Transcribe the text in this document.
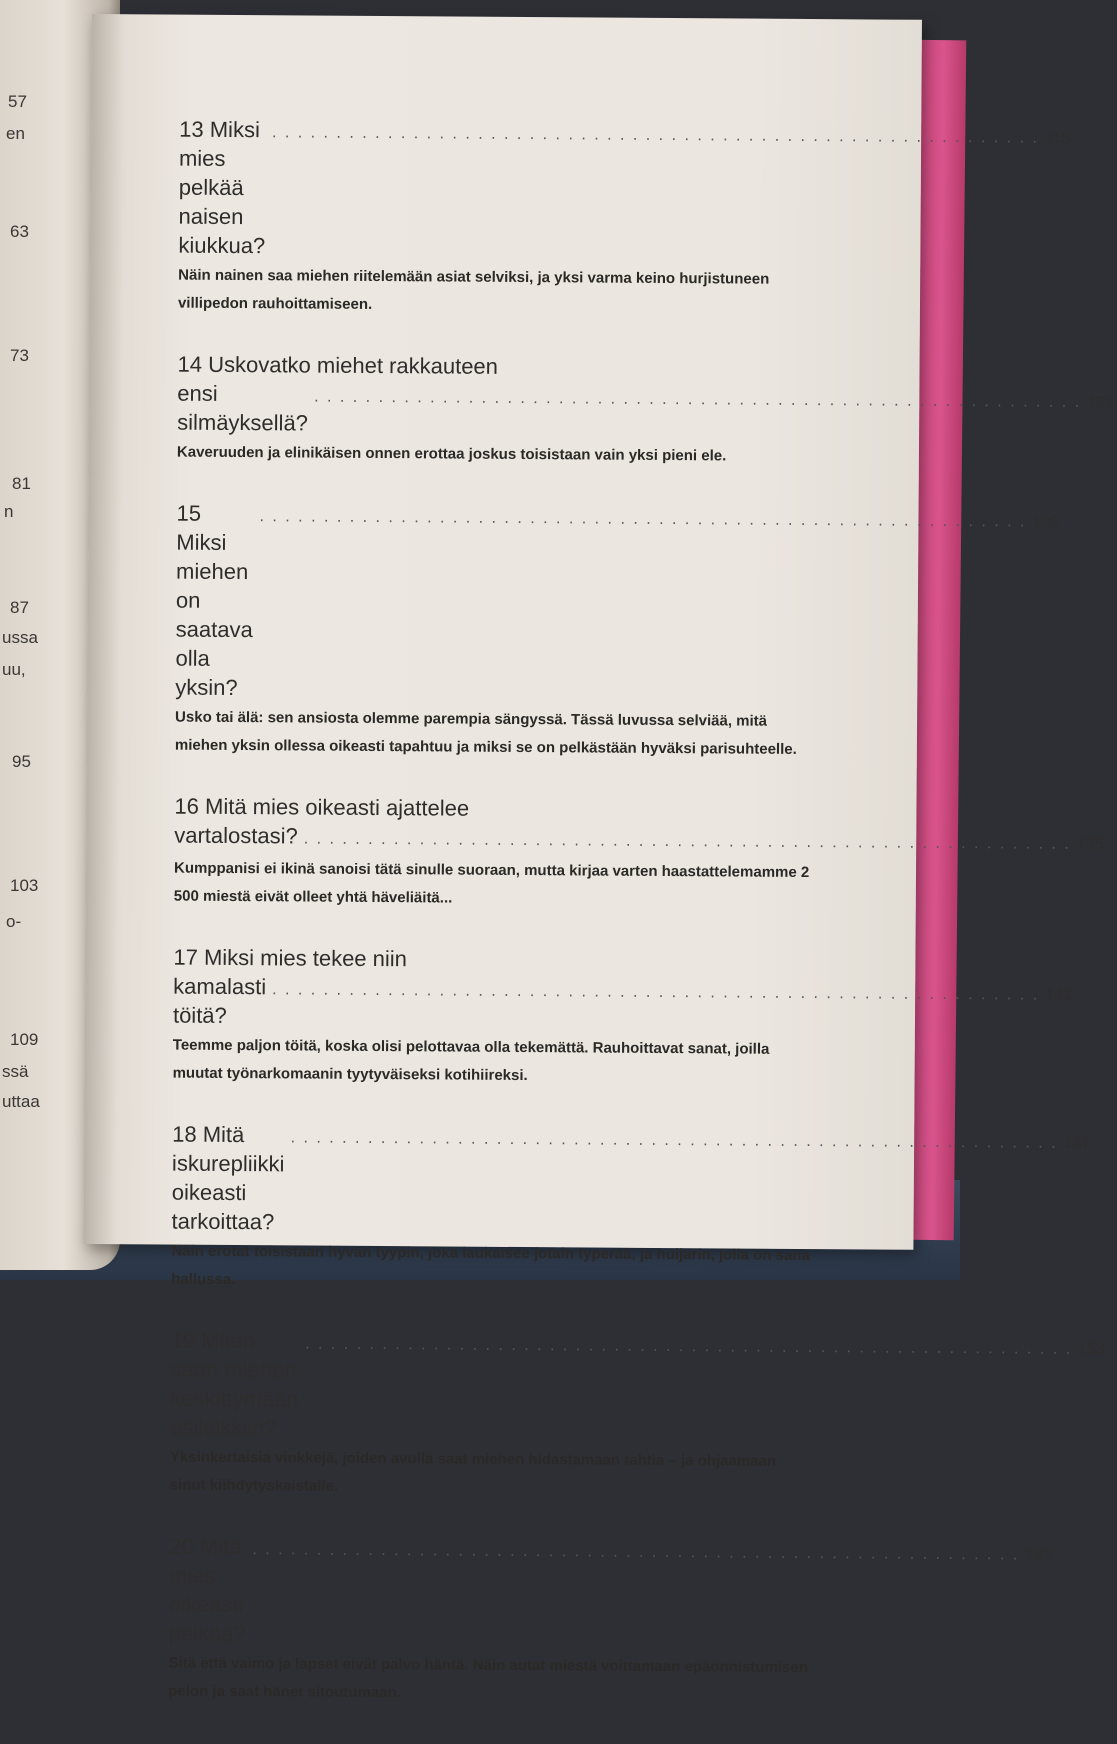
57
en
63
73
81
n
87
ussa
uu,
95
103
o-
109
ssä
uttaa
13 Miksi mies pelkää naisen kiukkua?
. . . . . . . . . . . . . . . . . . . . . . . . . . . . . . . . . . . . . . . . . . . . . . . . . . . . . . . . . . . . 115
Näin nainen saa miehen riitelemään asiat selviksi, ja yksi varma keino hurjistuneen villipedon rauhoittamiseen.
14 Uskovatko miehet rakkauteen
ensi silmäyksellä?
. . . . . . . . . . . . . . . . . . . . . . . . . . . . . . . . . . . . . . . . . . . . . . . . . . . . . . . . . . . . 121
Kaveruuden ja elinikäisen onnen erottaa joskus toisistaan vain yksi pieni ele.
15 Miksi miehen on saatava olla yksin?
. . . . . . . . . . . . . . . . . . . . . . . . . . . . . . . . . . . . . . . . . . . . . . . . . . . . . . . . . . . . 129
Usko tai älä: sen ansiosta olemme parempia sängyssä. Tässä luvussa selviää, mitä miehen yksin ollessa oikeasti tapahtuu ja miksi se on pelkästään hyväksi parisuhteelle.
16 Mitä mies oikeasti ajattelee
vartalostasi? . . . . . . . . . . . . . . . . . . . . . . . . . . . . . . . . . . . . . . . . . . . . . . . . . . . . . . . . . . . . 135
Kumppanisi ei ikinä sanoisi tätä sinulle suoraan, mutta kirjaa varten haastattelemamme 2 500 miestä eivät olleet yhtä häveliäitä...
17 Miksi mies tekee niin
kamalasti töitä?
. . . . . . . . . . . . . . . . . . . . . . . . . . . . . . . . . . . . . . . . . . . . . . . . . . . . . . . . . . . . 141
Teemme paljon töitä, koska olisi pelottavaa olla tekemättä. Rauhoittavat sanat, joilla muutat työnarkomaanin tyytyväiseksi kotihiireksi.
18 Mitä iskurepliikki oikeasti tarkoittaa?
. . . . . . . . . . . . . . . . . . . . . . . . . . . . . . . . . . . . . . . . . . . . . . . . . . . . . . . . . . . . 147
Näin erotat toisistaan hyvän tyypin, joka laukaisee jotain typerää, ja huijarin, jolla on sana hallussa.
19 Miten saan miehen keskittymään esileikkiin?
. . . . . . . . . . . . . . . . . . . . . . . . . . . . . . . . . . . . . . . . . . . . . . . . . . . . . . . . . . . . 153
Yksinkertaisia vinkkejä, joiden avulla saat miehen hidastamaan tahtia – ja ohjaamaan sinut kiihdytyskaistalle.
20 Mitä mies oikeasti pelkää?
. . . . . . . . . . . . . . . . . . . . . . . . . . . . . . . . . . . . . . . . . . . . . . . . . . . . . . . . . . . . 163
Sitä että vaimo ja lapset eivät palvo häntä. Näin autat miestä voittamaan epäonnistumisen pelon ja saat hänet sitoutumaan.
